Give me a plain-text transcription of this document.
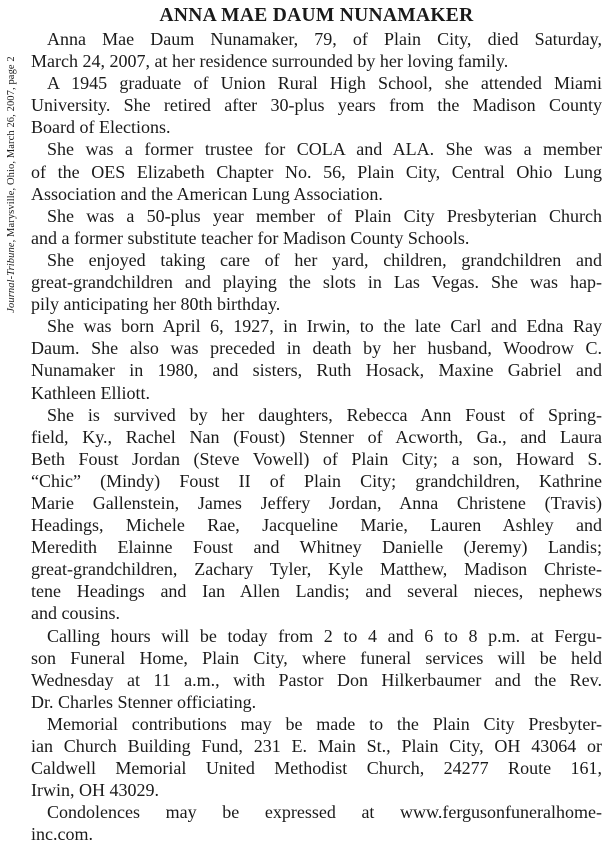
Journal-Tribune, Marysville, Ohio, March 26, 2007, page 2
ANNA MAE DAUM NUNAMAKER

Anna Mae Daum Nunamaker, 79, of Plain City, died Saturday,
March 24, 2007, at her residence surrounded by her loving family.

A 1945 graduate of Union Rural High School, she attended Miami
University. She retired after 30-plus years from the Madison County
Board of Elections.

She was a former trustee for COLA and ALA. She was a member
of the OES Elizabeth Chapter No. 56, Plain City, Central Ohio Lung
Association and the American Lung Association.

She was a 50-plus year member of Plain City Presbyterian Church
and a former substitute teacher for Madison County Schools.

She enjoyed taking care of her yard, children, grandchildren and
great-grandchildren and playing the slots in Las Vegas. She was hap-
pily anticipating her 80th birthday.

She was born April 6, 1927, in Irwin, to the late Carl and Edna Ray
Daum. She also was preceded in death by her husband, Woodrow C.
Nunamaker in 1980, and sisters, Ruth Hosack, Maxine Gabriel and
Kathleen Elliott.

She is survived by her daughters, Rebecca Ann Foust of Spring-
field, Ky., Rachel Nan (Foust) Stenner of Acworth, Ga., and Laura
Beth Foust Jordan (Steve Vowell) of Plain City; a son, Howard S.
“Chic” (Mindy) Foust II of Plain City; grandchildren, Kathrine
Marie Gallenstein, James Jeffery Jordan, Anna Christene (Travis)
Headings, Michele Rae, Jacqueline Marie, Lauren Ashley and
Meredith Elainne Foust and Whitney Danielle (Jeremy) Landis;
great-grandchildren, Zachary Tyler, Kyle Matthew, Madison Christe-
tene Headings and Ian Allen Landis; and several nieces, nephews
and cousins.

Calling hours will be today from 2 to 4 and 6 to 8 p.m. at Fergu-
son Funeral Home, Plain City, where funeral services will be held
Wednesday at 11 a.m., with Pastor Don Hilkerbaumer and the Rev.
Dr. Charles Stenner officiating.

Memorial contributions may be made to the Plain City Presbyter-
ian Church Building Fund, 231 E. Main St., Plain City, OH 43064 or
Caldwell Memorial United Methodist Church, 24277 Route 161,
Irwin, OH 43029.

Condolences may be expressed at www.fergusonfuneralhome-
inc.com.
